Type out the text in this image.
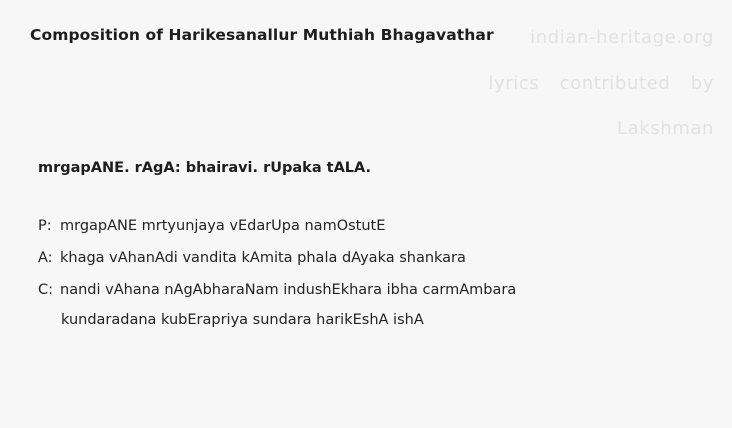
Composition of Harikesanallur Muthiah Bhagavathar indian-heritage.org
lyrics contributed by
Lakshman
mrgapANE. rAgA: bhairavi. rUpaka tALA.
P: mrgapANE mrtyunjaya vEdarUpa namOstutE
A: khaga vAhanAdi vandita kAmita phala dAyaka shankara
C: nandi vAhana nAgAbharaNam indushEkhara ibha carmAmbara
kundaradana kubErapriya sundara harikEshA ishA
